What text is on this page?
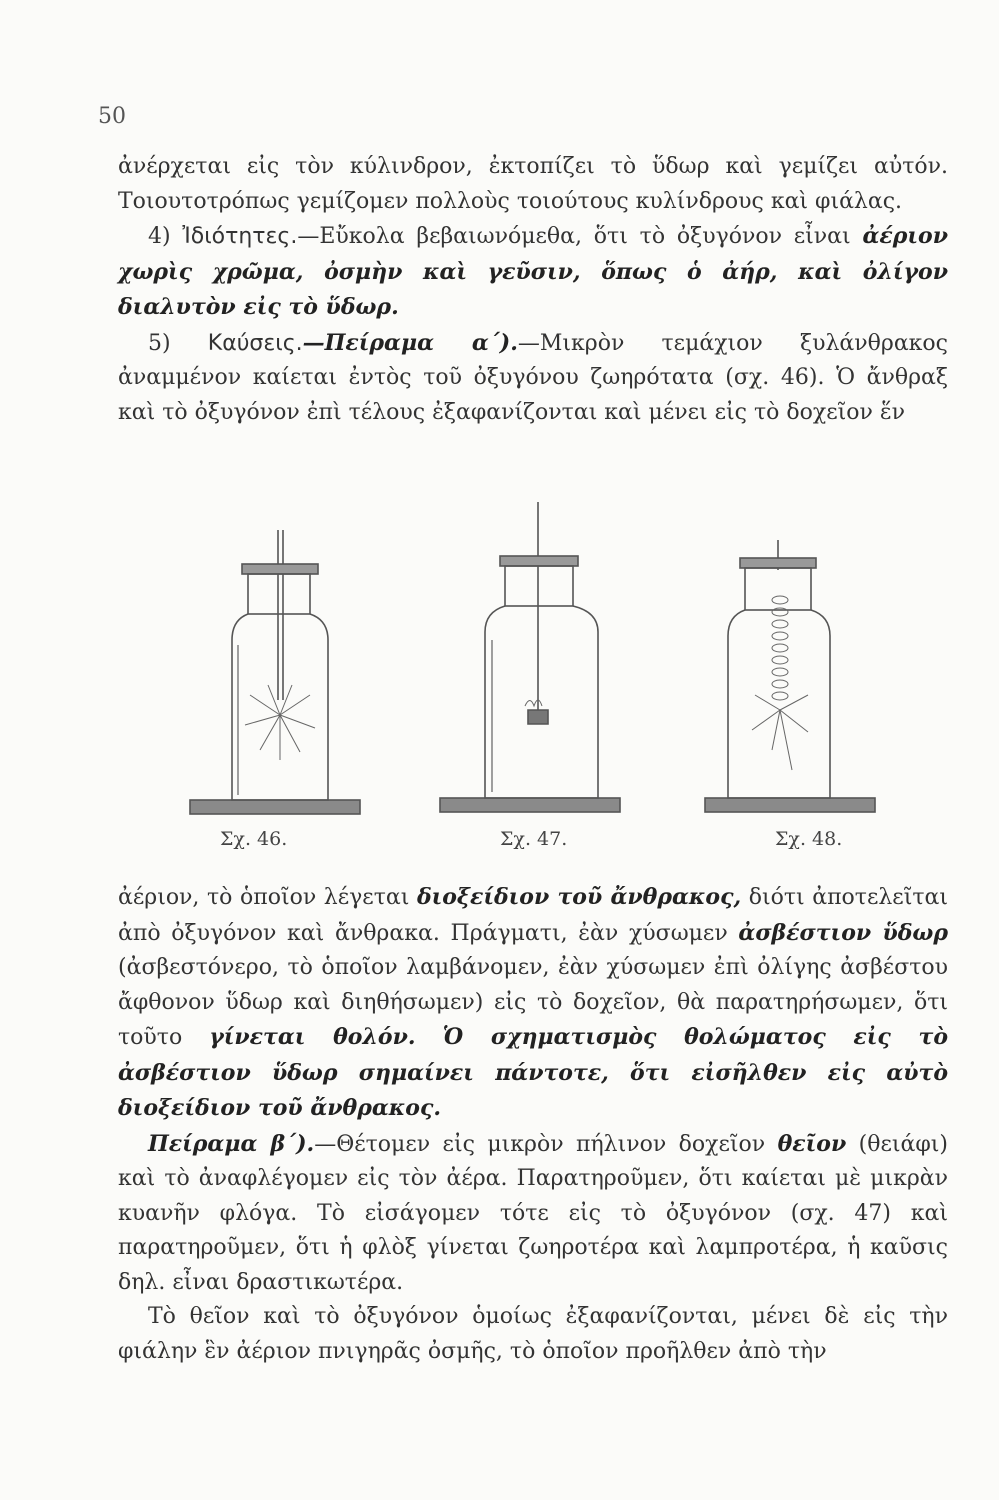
50

ἀνέρχεται εἰς τὸν κύλινδρον, ἐκτοπίζει τὸ ὕδωρ καὶ γεμίζει αὐτόν. Τοιουτοτρόπως γεμίζομεν πολλοὺς τοιούτους κυλίνδρους καὶ φιάλας.

4) Ἰδιότητες.—Εὔκολα βεβαιωνόμεθα, ὅτι τὸ ὀξυγόνον εἶναι ἀέριον χωρὶς χρῶμα, ὀσμὴν καὶ γεῦσιν, ὅπως ὁ ἀήρ, καὶ ὀλίγον διαλυτὸν εἰς τὸ ὕδωρ.

5) Καύσεις.—Πείραμα α΄).—Μικρὸν τεμάχιον ξυλάνθρακος ἀναμμένον καίεται ἐντὸς τοῦ ὀξυγόνου ζωηρότατα (σχ. 46). Ὁ ἄνθραξ καὶ τὸ ὀξυγόνον ἐπὶ τέλους ἐξαφανίζονται καὶ μένει εἰς τὸ δοχεῖον ἕν

Σχ. 46.	Σχ. 47.	Σχ. 48.

ἀέριον, τὸ ὁποῖον λέγεται διοξείδιον τοῦ ἄνθρακος, διότι ἀποτελεῖται ἀπὸ ὀξυγόνον καὶ ἄνθρακα. Πράγματι, ἐὰν χύσωμεν ἀσβέστιον ὕδωρ (ἀσβεστόνερο, τὸ ὁποῖον λαμβάνομεν, ἐὰν χύσωμεν ἐπὶ ὀλίγης ἀσβέστου ἄφθονον ὕδωρ καὶ διηθήσωμεν) εἰς τὸ δοχεῖον, θὰ παρατηρήσωμεν, ὅτι τοῦτο γίνεται θολόν. Ὁ σχηματισμὸς θολώματος εἰς τὸ ἀσβέστιον ὕδωρ σημαίνει πάντοτε, ὅτι εἰσῆλθεν εἰς αὐτὸ διοξείδιον τοῦ ἄνθρακος.

Πείραμα β΄).—Θέτομεν εἰς μικρὸν πήλινον δοχεῖον θεῖον (θειάφι) καὶ τὸ ἀναφλέγομεν εἰς τὸν ἀέρα. Παρατηροῦμεν, ὅτι καίεται μὲ μικρὰν κυανῆν φλόγα. Τὸ εἰσάγομεν τότε εἰς τὸ ὀξυγόνον (σχ. 47) καὶ παρατηροῦμεν, ὅτι ἡ φλὸξ γίνεται ζωηροτέρα καὶ λαμπροτέρα, ἡ καῦσις δηλ. εἶναι δραστικωτέρα.

Τὸ θεῖον καὶ τὸ ὀξυγόνον ὁμοίως ἐξαφανίζονται, μένει δὲ εἰς τὴν φιάλην ἓν ἀέριον πνιγηρᾶς ὀσμῆς, τὸ ὁποῖον προῆλθεν ἀπὸ τὴν
